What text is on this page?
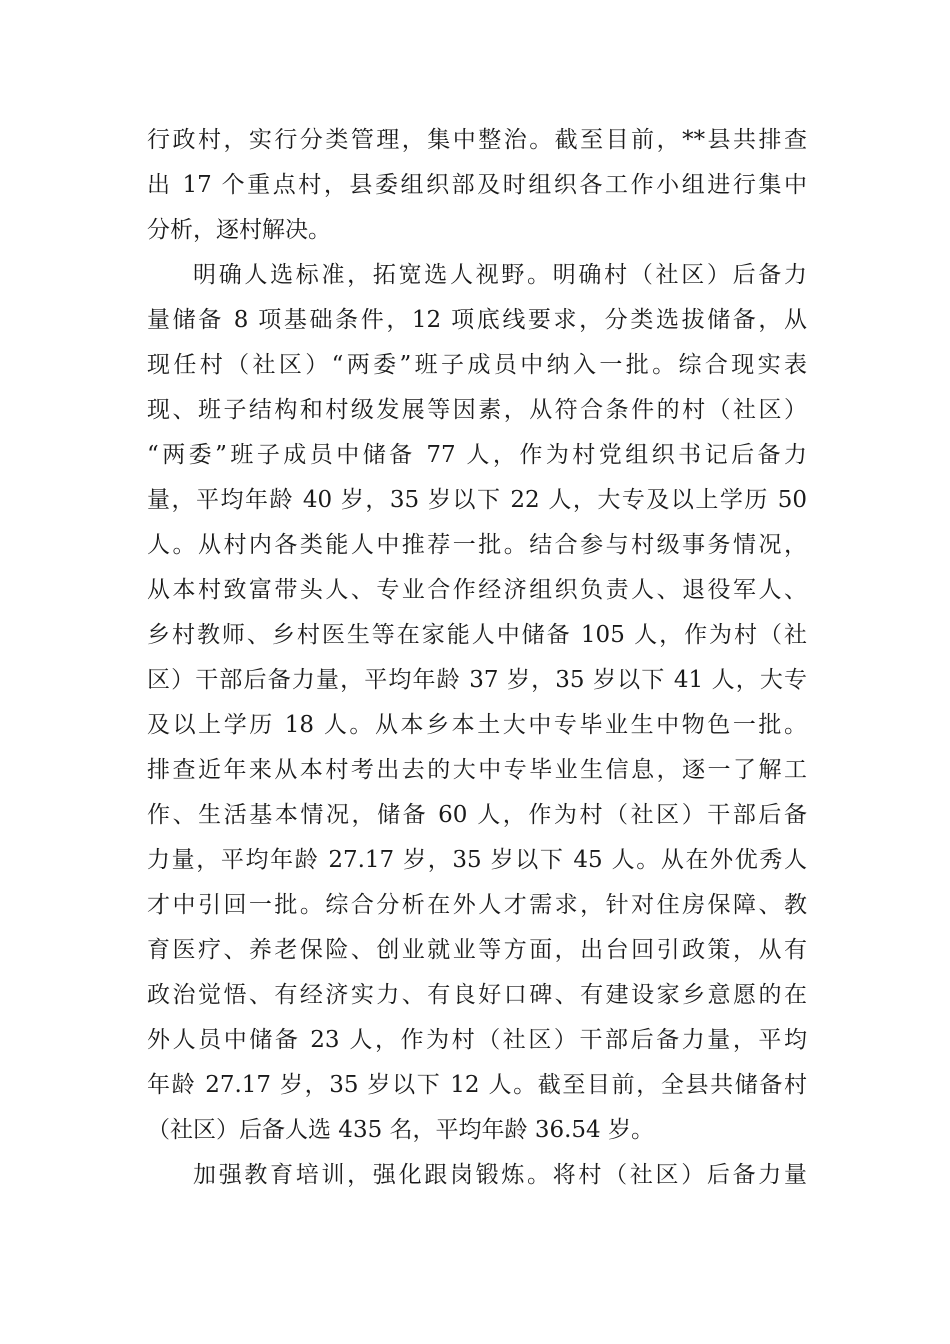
行政村，实行分类管理，集中整治。截至目前，**县共排查
出 17 个重点村，县委组织部及时组织各工作小组进行集中
分析，逐村解决。
明确人选标准，拓宽选人视野。明确村（社区）后备力
量储备 8 项基础条件，12 项底线要求，分类选拔储备，从
现任村（社区）“两委”班子成员中纳入一批。综合现实表
现、班子结构和村级发展等因素，从符合条件的村（社区）
“两委”班子成员中储备 77 人，作为村党组织书记后备力
量，平均年龄 40 岁，35 岁以下 22 人，大专及以上学历 50
人。从村内各类能人中推荐一批。结合参与村级事务情况，
从本村致富带头人、专业合作经济组织负责人、退役军人、
乡村教师、乡村医生等在家能人中储备 105 人，作为村（社
区）干部后备力量，平均年龄 37 岁，35 岁以下 41 人，大专
及以上学历 18 人。从本乡本土大中专毕业生中物色一批。
排查近年来从本村考出去的大中专毕业生信息，逐一了解工
作、生活基本情况，储备 60 人，作为村（社区）干部后备
力量，平均年龄 27.17 岁，35 岁以下 45 人。从在外优秀人
才中引回一批。综合分析在外人才需求，针对住房保障、教
育医疗、养老保险、创业就业等方面，出台回引政策，从有
政治觉悟、有经济实力、有良好口碑、有建设家乡意愿的在
外人员中储备 23 人，作为村（社区）干部后备力量，平均
年龄 27.17 岁，35 岁以下 12 人。截至目前，全县共储备村
（社区）后备人选 435 名，平均年龄 36.54 岁。
加强教育培训，强化跟岗锻炼。将村（社区）后备力量
